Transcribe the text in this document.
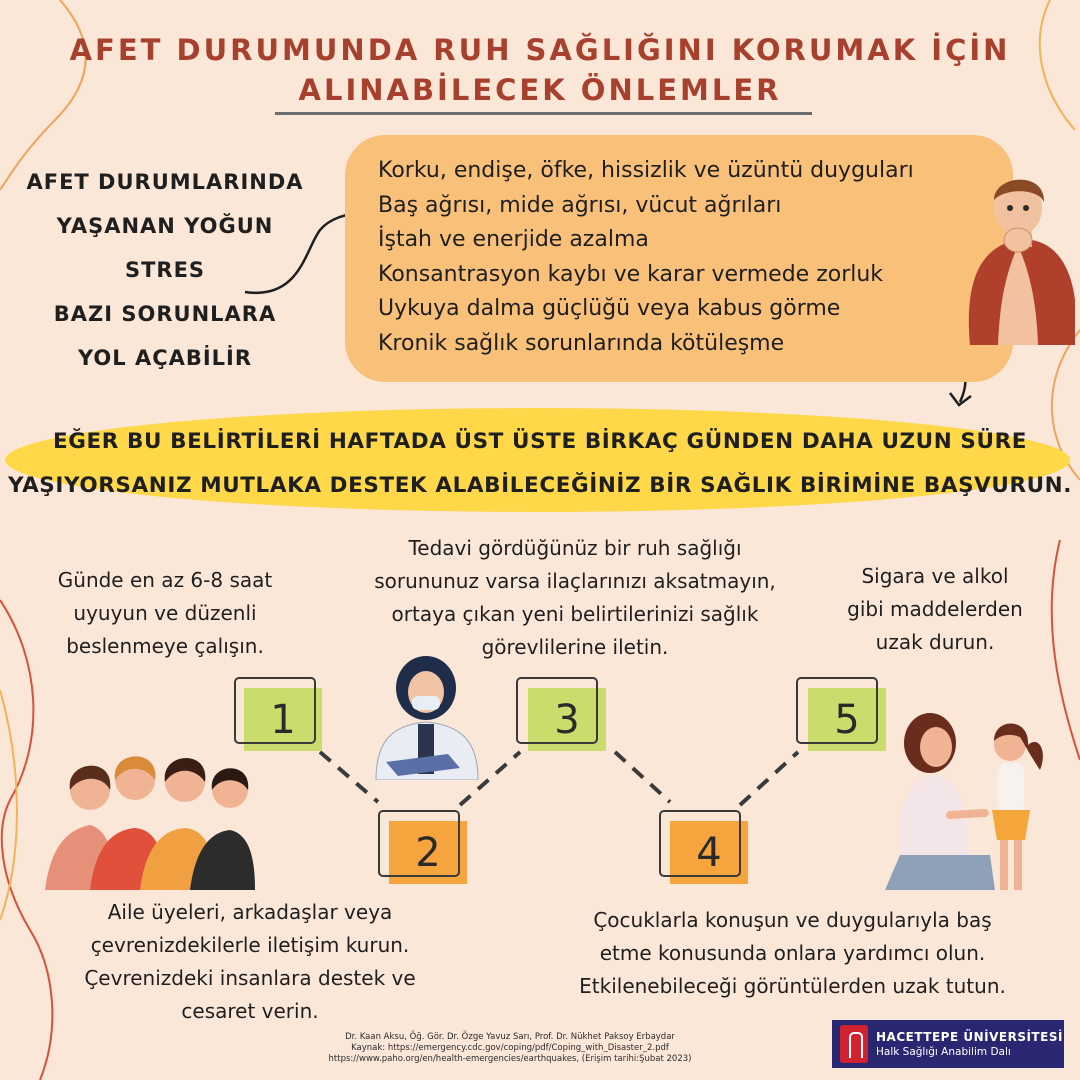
AFET DURUMUNDA RUH SAĞLIĞINI KORUMAK İÇİN
ALINABİLECEK ÖNLEMLER
AFET DURUMLARINDA
YAŞANAN YOĞUN STRES
BAZI SORUNLARA
YOL AÇABİLİR
Korku, endişe, öfke, hissizlik ve üzüntü duyguları
Baş ağrısı, mide ağrısı, vücut ağrıları
İştah ve enerjide azalma
Konsantrasyon kaybı ve karar vermede zorluk
Uykuya dalma güçlüğü veya kabus görme
Kronik sağlık sorunlarında kötüleşme
EĞER BU BELİRTİLERİ HAFTADA ÜST ÜSTE BİRKAÇ GÜNDEN DAHA UZUN SÜRE
YAŞIYORSANIZ MUTLAKA DESTEK ALABİLECEĞİNİZ BİR SAĞLIK BİRİMİNE BAŞVURUN.
Günde en az 6-8 saat
uyuyun ve düzenli
beslenmeye çalışın.
Tedavi gördüğünüz bir ruh sağlığı
sorununuz varsa ilaçlarınızı aksatmayın,
ortaya çıkan yeni belirtilerinizi sağlık
görevlilerine iletin.
Sigara ve alkol
gibi maddelerden
uzak durun.
1	3	5
2	4
Aile üyeleri, arkadaşlar veya
çevrenizdekilerle iletişim kurun.
Çevrenizdeki insanlara destek ve
cesaret verin.
Çocuklarla konuşun ve duygularıyla baş
etme konusunda onlara yardımcı olun.
Etkilenebileceği görüntülerden uzak tutun.
Dr. Kaan Aksu, Öğ. Gör. Dr. Özge Yavuz Sarı, Prof. Dr. Nükhet Paksoy Erbaydar
Kaynak: https://emergency.cdc.gov/coping/pdf/Coping_with_Disaster_2.pdf
https://www.paho.org/en/health-emergencies/earthquakes, (Erişim tarihi:Şubat 2023)
HACETTEPE ÜNİVERSİTESİ
Halk Sağlığı Anabilim Dalı
